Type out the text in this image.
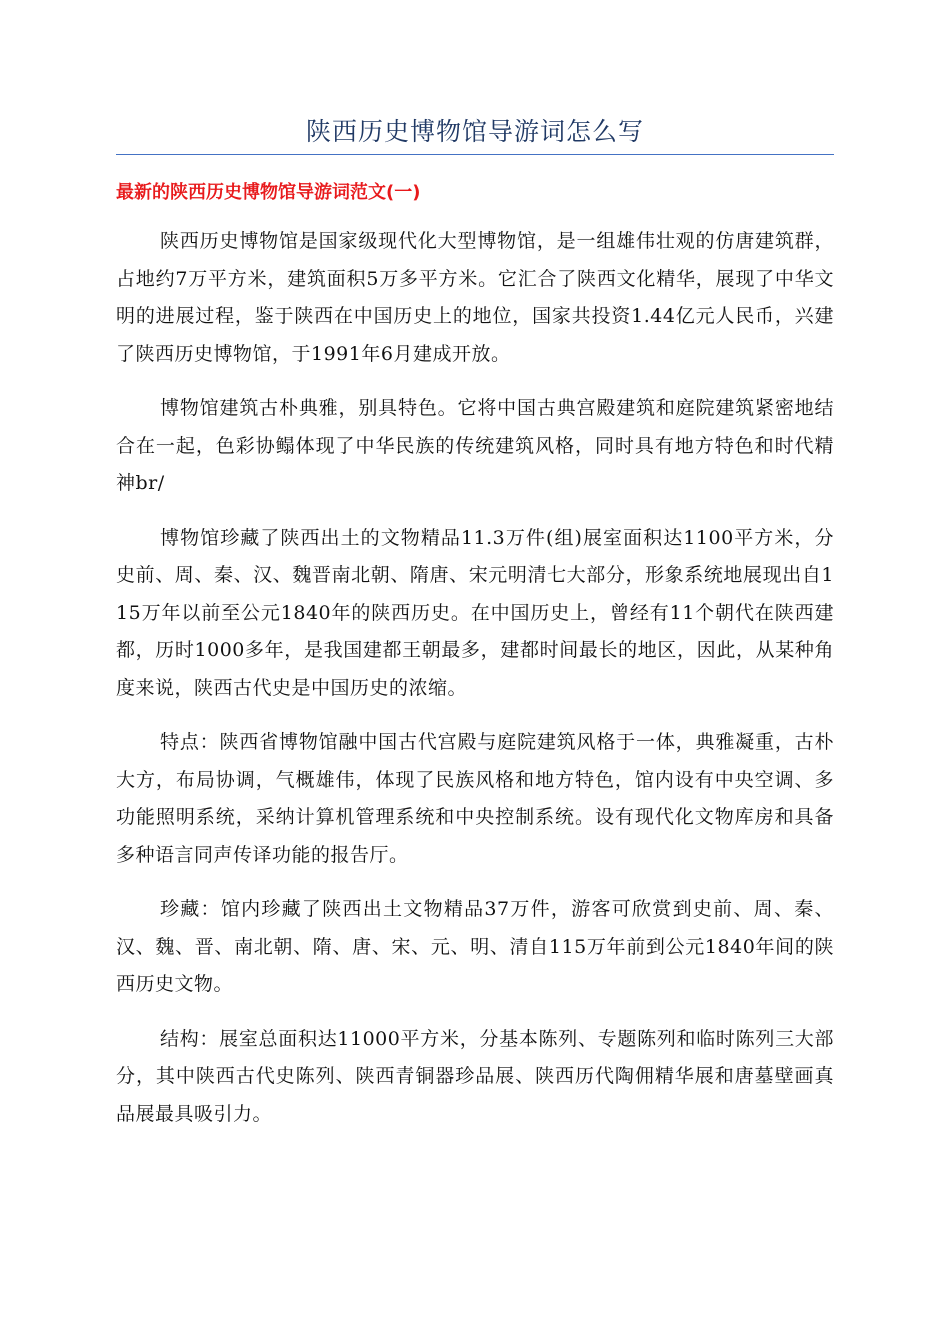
陕西历史博物馆导游词怎么写
最新的陕西历史博物馆导游词范文(一)

陕西历史博物馆是国家级现代化大型博物馆，是一组雄伟壮观的仿唐建筑群，占地约7万平方米，建筑面积5万多平方米。它汇合了陕西文化精华，展现了中华文明的进展过程，鉴于陕西在中国历史上的地位，国家共投资1.44亿元人民币，兴建了陕西历史博物馆，于1991年6月建成开放。

博物馆建筑古朴典雅，别具特色。它将中国古典宫殿建筑和庭院建筑紧密地结合在一起，色彩协鳎体现了中华民族的传统建筑风格，同时具有地方特色和时代精神br/

博物馆珍藏了陕西出土的文物精品11.3万件(组)展室面积达1100平方米，分史前、周、秦、汉、魏晋南北朝、隋唐、宋元明清七大部分，形象系统地展现出自115万年以前至公元1840年的陕西历史。在中国历史上，曾经有11个朝代在陕西建都，历时1000多年，是我国建都王朝最多，建都时间最长的地区，因此，从某种角度来说，陕西古代史是中国历史的浓缩。

特点：陕西省博物馆融中国古代宫殿与庭院建筑风格于一体，典雅凝重，古朴大方，布局协调，气概雄伟，体现了民族风格和地方特色，馆内设有中央空调、多功能照明系统，采纳计算机管理系统和中央控制系统。设有现代化文物库房和具备多种语言同声传译功能的报告厅。

珍藏：馆内珍藏了陕西出土文物精品37万件，游客可欣赏到史前、周、秦、汉、魏、晋、南北朝、隋、唐、宋、元、明、清自115万年前到公元1840年间的陕西历史文物。

结构：展室总面积达11000平方米，分基本陈列、专题陈列和临时陈列三大部分，其中陕西古代史陈列、陕西青铜器珍品展、陕西历代陶佣精华展和唐墓壁画真品展最具吸引力。
